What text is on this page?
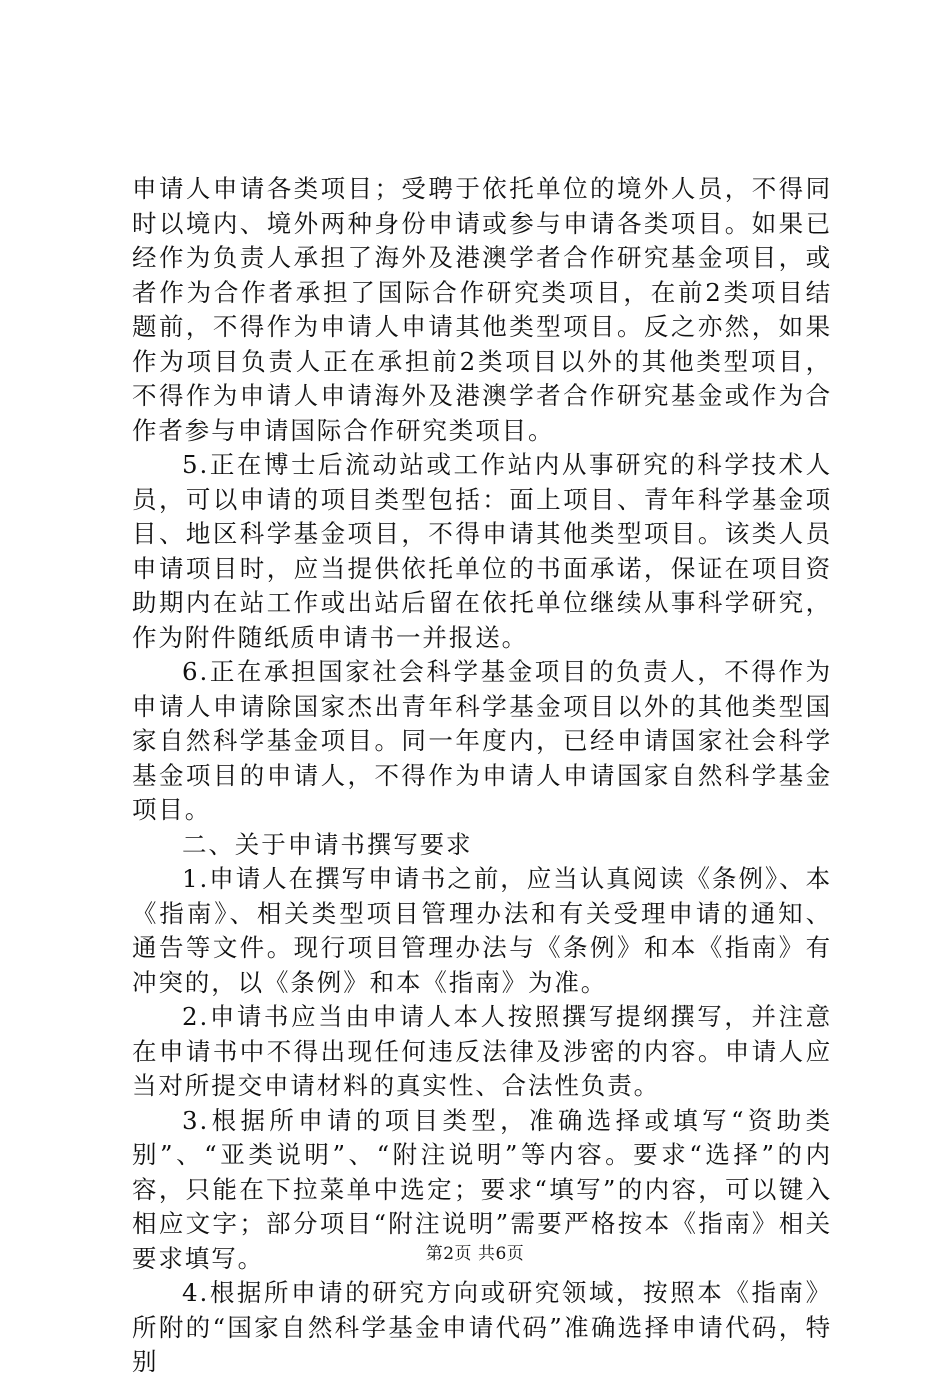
申请人申请各类项目；受聘于依托单位的境外人员，不得同时以境内、境外两种身份申请或参与申请各类项目。如果已经作为负责人承担了海外及港澳学者合作研究基金项目，或者作为合作者承担了国际合作研究类项目，在前2类项目结题前，不得作为申请人申请其他类型项目。反之亦然，如果作为项目负责人正在承担前2类项目以外的其他类型项目，不得作为申请人申请海外及港澳学者合作研究基金或作为合作者参与申请国际合作研究类项目。

5.正在博士后流动站或工作站内从事研究的科学技术人员，可以申请的项目类型包括：面上项目、青年科学基金项目、地区科学基金项目，不得申请其他类型项目。该类人员申请项目时，应当提供依托单位的书面承诺，保证在项目资助期内在站工作或出站后留在依托单位继续从事科学研究，作为附件随纸质申请书一并报送。

6.正在承担国家社会科学基金项目的负责人，不得作为申请人申请除国家杰出青年科学基金项目以外的其他类型国家自然科学基金项目。同一年度内，已经申请国家社会科学基金项目的申请人，不得作为申请人申请国家自然科学基金项目。

二、关于申请书撰写要求

1.申请人在撰写申请书之前，应当认真阅读《条例》、本《指南》、相关类型项目管理办法和有关受理申请的通知、通告等文件。现行项目管理办法与《条例》和本《指南》有冲突的，以《条例》和本《指南》为准。

2.申请书应当由申请人本人按照撰写提纲撰写，并注意在申请书中不得出现任何违反法律及涉密的内容。申请人应当对所提交申请材料的真实性、合法性负责。

3.根据所申请的项目类型，准确选择或填写“资助类别”、“亚类说明”、“附注说明”等内容。要求“选择”的内容，只能在下拉菜单中选定；要求“填写”的内容，可以键入相应文字；部分项目“附注说明”需要严格按本《指南》相关要求填写。

4.根据所申请的研究方向或研究领域，按照本《指南》所附的“国家自然科学基金申请代码”准确选择申请代码，特别

第2页 共6页
